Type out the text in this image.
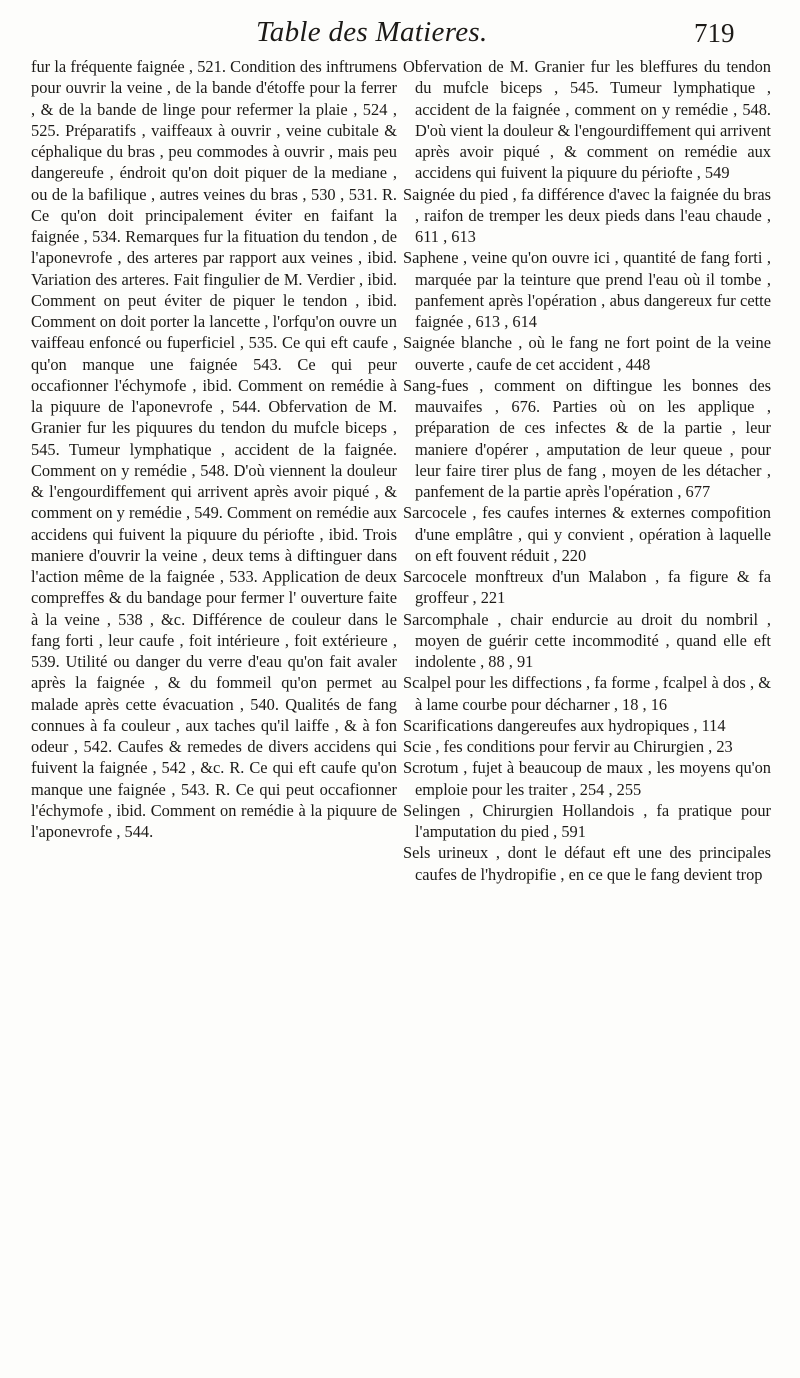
Table des Matieres.	719

fur la fréquente faignée , 521. Condition des inftrumens pour ouvrir la veine , de la bande d'étoffe pour la ferrer , & de la bande de linge pour refermer la plaie , 524 , 525. Préparatifs , vaiffeaux à ouvrir , veine cubitale & céphalique du bras , peu commodes à ouvrir , mais peu dangereufe , éndroit qu'on doit piquer de la mediane , ou de la bafilique , autres veines du bras , 530 , 531. R. Ce qu'on doit principalement éviter en faifant la faignée , 534. Remarques fur la fituation du tendon , de l'aponevrofe , des arteres par rapport aux veines , ibid. Variation des arteres. Fait fingulier de M. Verdier , ibid. Comment on peut éviter de piquer le tendon , ibid. Comment on doit porter la lancette , l'orfqu'on ouvre un vaiffeau enfoncé ou fuperficiel , 535. Ce qui eft caufe , qu'on manque une faignée 543. Ce qui peur occafionner l'échymofe , ibid. Comment on remédie à la piquure de l'aponevrofe , 544. Obfervation de M. Granier fur les piquures du tendon du mufcle biceps , 545. Tumeur lymphatique , accident de la faignée. Comment on y remédie , 548. D'où viennent la douleur & l'engourdiffement qui arrivent après avoir piqué , & comment on y remédie , 549. Comment on remédie aux accidens qui fuivent la piquure du périofte , ibid. Trois maniere d'ouvrir la veine , deux tems à diftinguer dans l'action même de la faignée , 533. Application de deux compreffes & du bandage pour fermer l' ouverture faite à la veine , 538 , &c. Différence de couleur dans le fang forti , leur caufe , foit intérieure , foit extérieure , 539. Utilité ou danger du verre d'eau qu'on fait avaler après la faignée , & du fommeil qu'on permet au malade après cette évacuation , 540. Qualités de fang connues à fa couleur , aux taches qu'il laiffe , & à fon odeur , 542. Caufes & remedes de divers accidens qui fuivent la faignée , 542 , &c. R. Ce qui eft caufe qu'on manque une faignée , 543. R. Ce qui peut occafionner l'échymofe , ibid. Comment on remédie à la piquure de l'aponevrofe , 544.

Obfervation de M. Granier fur les bleffures du tendon du mufcle biceps , 545. Tumeur lymphatique , accident de la faignée , comment on y remédie , 548. D'où vient la douleur & l'engourdiffement qui arrivent après avoir piqué , & comment on remédie aux accidens qui fuivent la piquure du périofte , 549

Saignée du pied , fa différence d'avec la faignée du bras , raifon de tremper les deux pieds dans l'eau chaude , 611 , 613

Saphene , veine qu'on ouvre ici , quantité de fang forti , marquée par la teinture que prend l'eau où il tombe , panfement après l'opération , abus dangereux fur cette faignée , 613 , 614

Saignée blanche , où le fang ne fort point de la veine ouverte , caufe de cet accident , 448

Sang-fues , comment on diftingue les bonnes des mauvaifes , 676. Parties où on les applique , préparation de ces infectes & de la partie , leur maniere d'opérer , amputation de leur queue , pour leur faire tirer plus de fang , moyen de les détacher , panfement de la partie après l'opération , 677

Sarcocele , fes caufes internes & externes compofition d'une emplâtre , qui y convient , opération à laquelle on eft fouvent réduit , 220

Sarcocele monftreux d'un Malabon , fa figure & fa groffeur , 221

Sarcomphale , chair endurcie au droit du nombril , moyen de guérir cette incommodité , quand elle eft indolente , 88 , 91

Scalpel pour les diffections , fa forme , fcalpel à dos , & à lame courbe pour décharner , 18 , 16

Scarifications dangereufes aux hydropiques , 114

Scie , fes conditions pour fervir au Chirurgien , 23

Scrotum , fujet à beaucoup de maux , les moyens qu'on emploie pour les traiter , 254 , 255

Selingen , Chirurgien Hollandois , fa pratique pour l'amputation du pied , 591

Sels urineux , dont le défaut eft une des principales caufes de l'hydropifie , en ce que le fang devient trop
